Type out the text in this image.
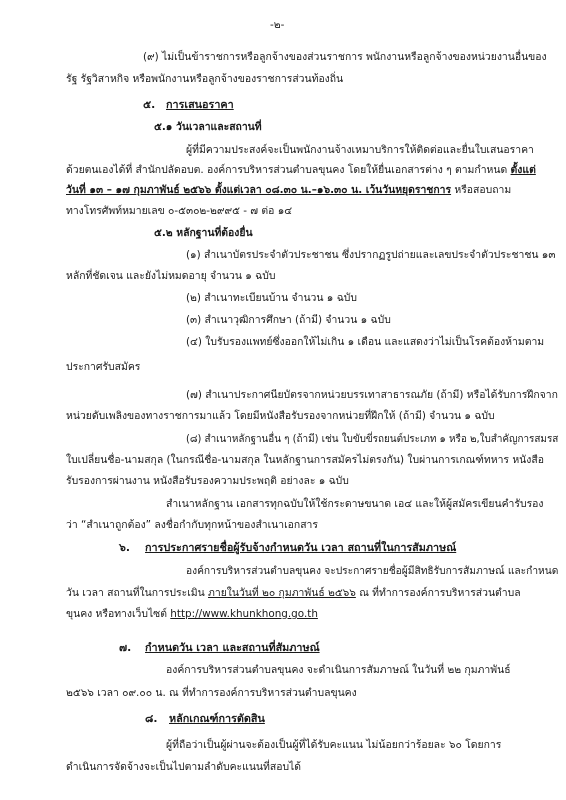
-๒-
(๙) ไม่เป็นข้าราชการหรือลูกจ้างของส่วนราชการ พนักงานหรือลูกจ้างของหน่วยงานอื่นของ
รัฐ รัฐวิสาหกิจ หรือพนักงานหรือลูกจ้างของราชการส่วนท้องถิ่น
๕. การเสนอราคา
๕.๑ วันเวลาและสถานที่
ผู้ที่มีความประสงค์จะเป็นพนักงานจ้างเหมาบริการให้ติดต่อและยื่นใบเสนอราคา
ด้วยตนเองได้ที่ สำนักปลัดอบต. องค์การบริหารส่วนตำบลขุนคง โดยให้ยื่นเอกสารต่าง ๆ ตามกำหนด ตั้งแต่
วันที่ ๑๓ – ๑๗ กุมภาพันธ์ ๒๕๖๖ ตั้งแต่เวลา ๐๘.๓๐ น.–๑๖.๓๐ น. เว้นวันหยุดราชการ หรือสอบถาม
ทางโทรศัพท์หมายเลข ๐-๕๓๐๒-๒๙๙๕ - ๗ ต่อ ๑๔
๕.๒ หลักฐานที่ต้องยื่น
(๑) สำเนาบัตรประจำตัวประชาชน ซึ่งปรากฏรูปถ่ายและเลขประจำตัวประชาชน ๑๓
หลักที่ชัดเจน และยังไม่หมดอายุ จำนวน ๑ ฉบับ
(๒) สำเนาทะเบียนบ้าน จำนวน ๑ ฉบับ
(๓) สำเนาวุฒิการศึกษา (ถ้ามี) จำนวน ๑ ฉบับ
(๔) ใบรับรองแพทย์ซึ่งออกให้ไม่เกิน ๑ เดือน และแสดงว่าไม่เป็นโรคต้องห้ามตาม
ประกาศรับสมัคร
(๗) สำเนาประกาศนียบัตรจากหน่วยบรรเทาสาธารณภัย (ถ้ามี) หรือได้รับการฝึกจาก
หน่วยดับเพลิงของทางราชการมาแล้ว โดยมีหนังสือรับรองจากหน่วยที่ฝึกให้ (ถ้ามี) จำนวน ๑ ฉบับ
(๘) สำเนาหลักฐานอื่น ๆ (ถ้ามี) เช่น ใบขับขี่รถยนต์ประเภท ๑ หรือ ๒,ใบสำคัญการสมรส
ใบเปลี่ยนชื่อ-นามสกุล (ในกรณีชื่อ-นามสกุล ในหลักฐานการสมัครไม่ตรงกัน) ใบผ่านการเกณฑ์ทหาร หนังสือ
รับรองการผ่านงาน หนังสือรับรองความประพฤติ อย่างละ ๑ ฉบับ
สำเนาหลักฐาน เอกสารทุกฉบับให้ใช้กระดาษขนาด เอ๔ และให้ผู้สมัครเขียนคำรับรอง
ว่า “สำเนาถูกต้อง” ลงชื่อกำกับทุกหน้าของสำเนาเอกสาร
๖. การประกาศรายชื่อผู้รับจ้างกำหนดวัน เวลา สถานที่ในการสัมภาษณ์
องค์การบริหารส่วนตำบลขุนคง จะประกาศรายชื่อผู้มีสิทธิรับการสัมภาษณ์ และกำหนด
วัน เวลา สถานที่ในการประเมิน ภายในวันที่ ๒๐ กุมภาพันธ์ ๒๕๖๖ ณ ที่ทำการองค์การบริหารส่วนตำบล
ขุนคง หรือทางเว็บไซต์ http://www.khunkhong.go.th
๗. กำหนดวัน เวลา และสถานที่สัมภาษณ์
องค์การบริหารส่วนตำบลขุนคง จะดำเนินการสัมภาษณ์ ในวันที่ ๒๒ กุมภาพันธ์
๒๕๖๖ เวลา ๐๙.๐๐ น. ณ ที่ทำการองค์การบริหารส่วนตำบลขุนคง
๘. หลักเกณฑ์การตัดสิน
ผู้ที่ถือว่าเป็นผู้ผ่านจะต้องเป็นผู้ที่ได้รับคะแนน ไม่น้อยกว่าร้อยละ ๖๐ โดยการ
ดำเนินการจัดจ้างจะเป็นไปตามลำดับคะแนนที่สอบได้
